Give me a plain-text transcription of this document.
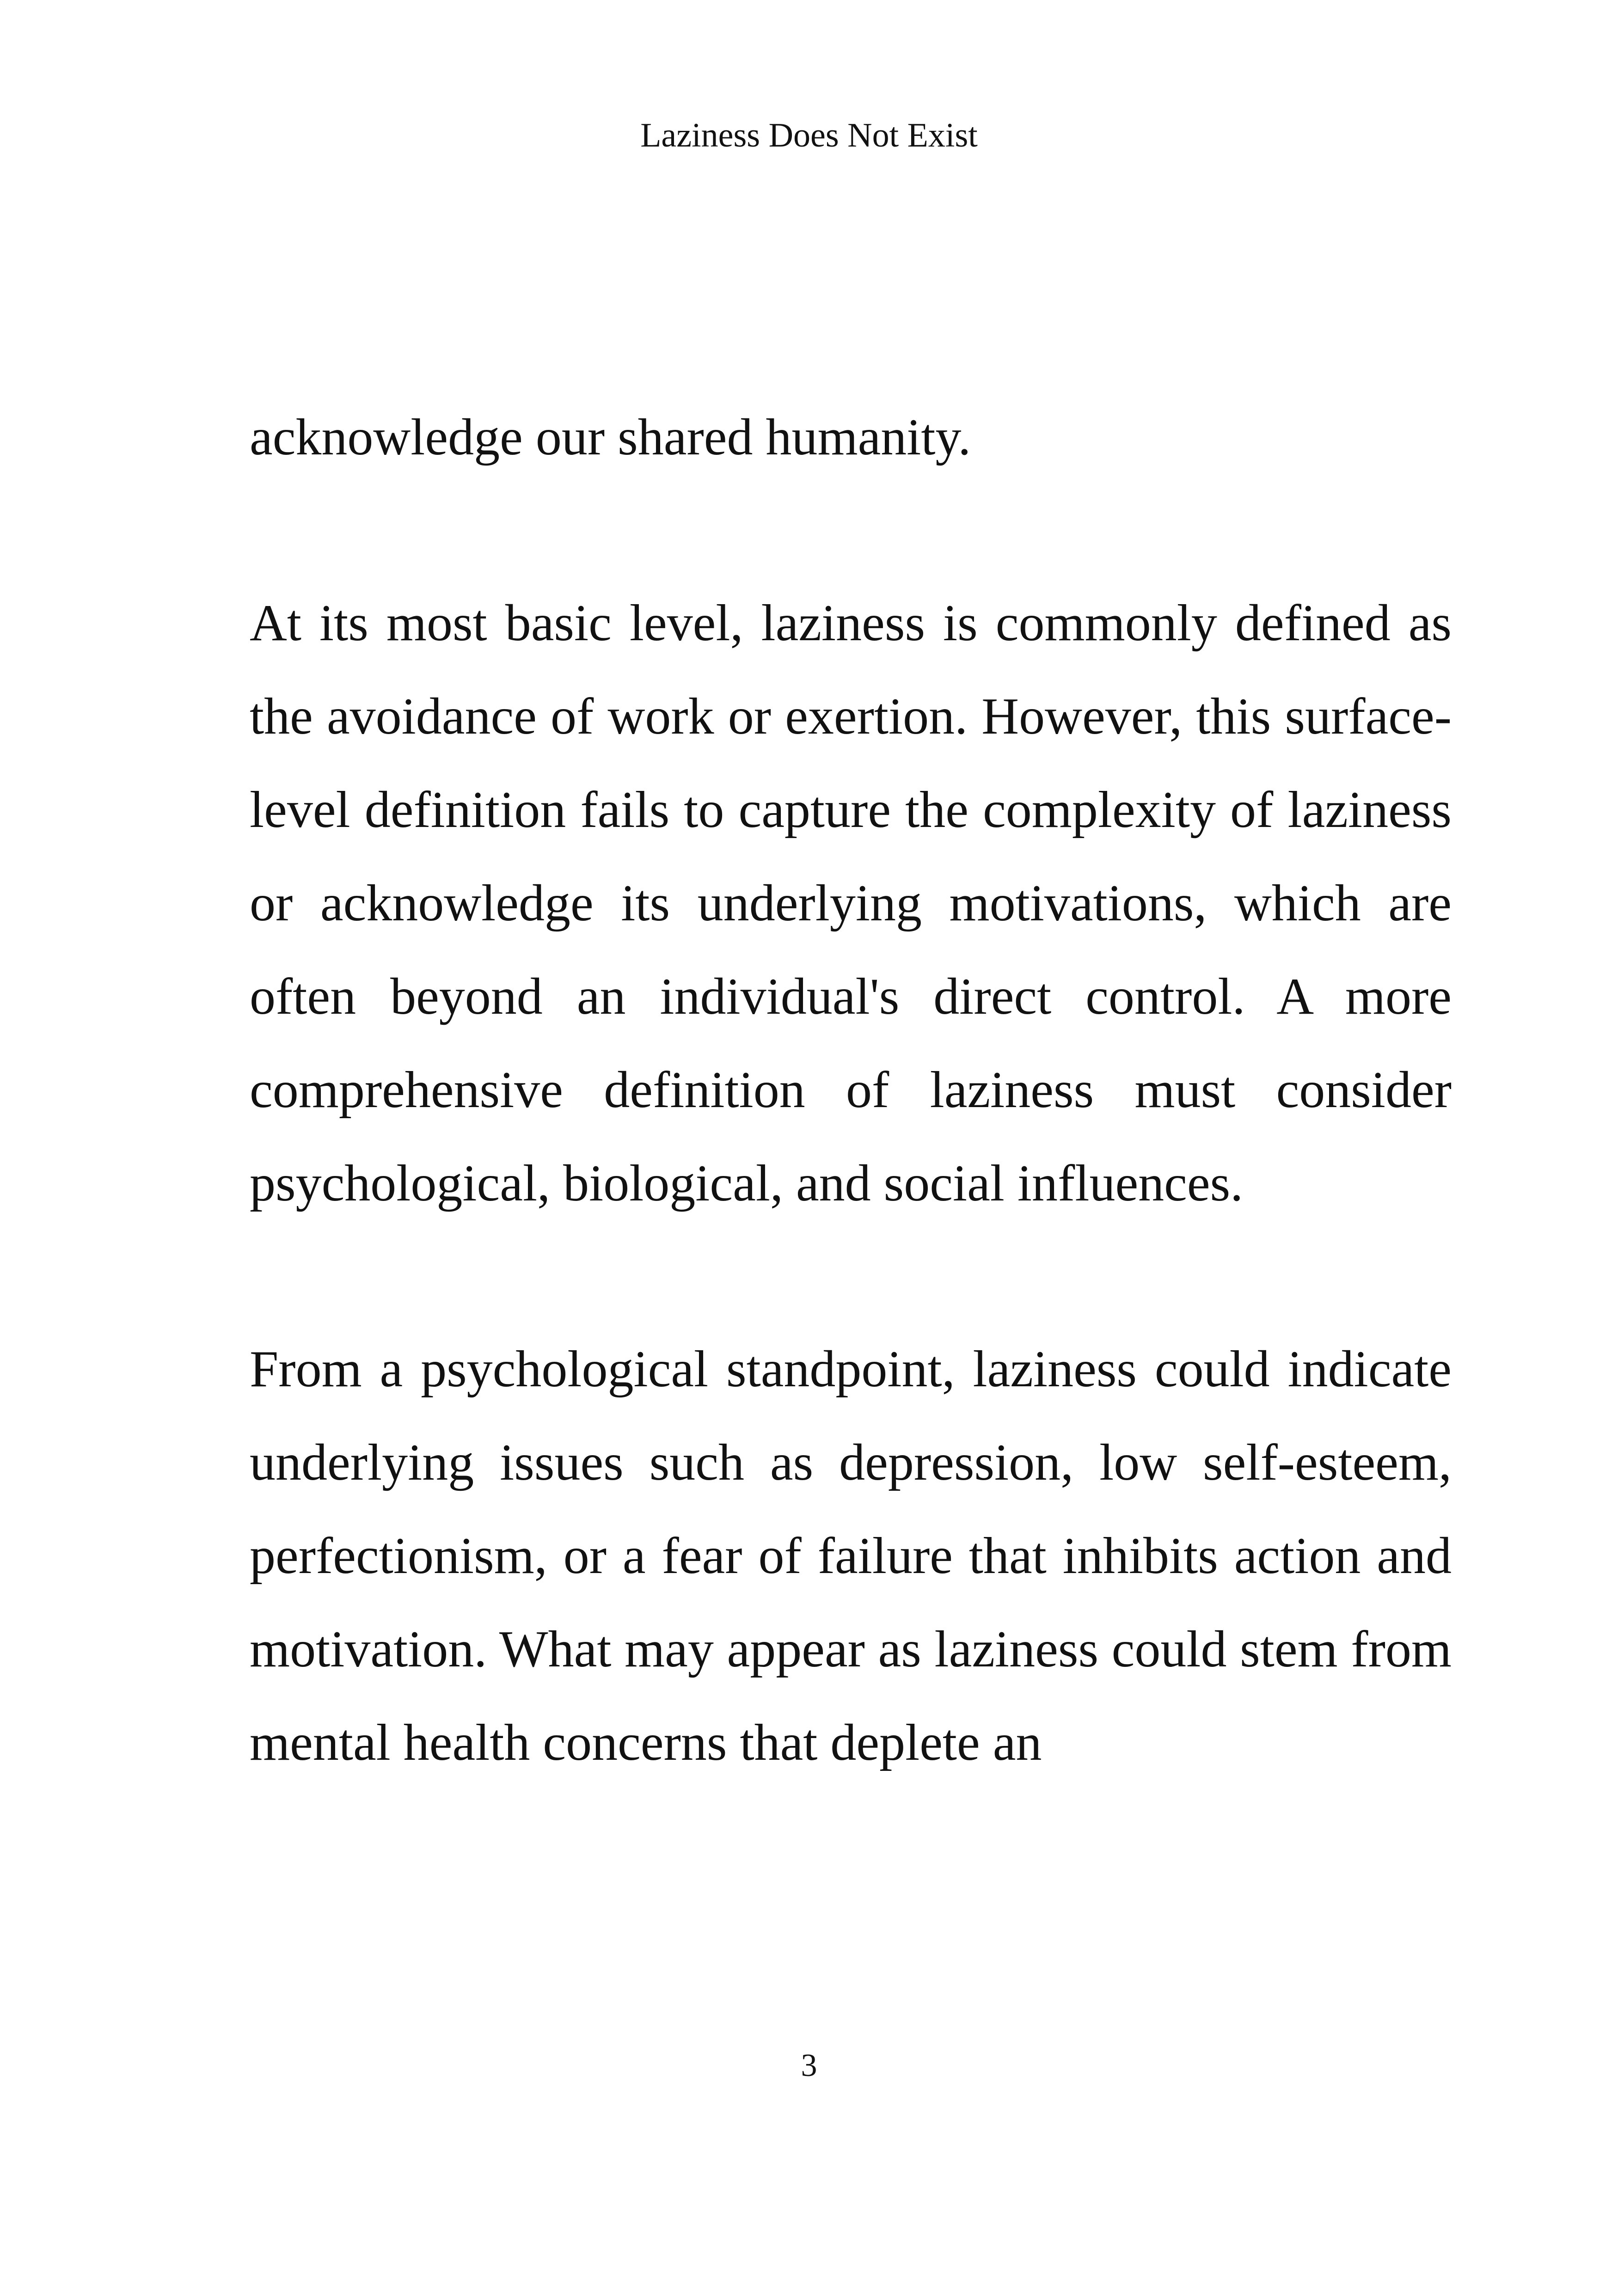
Laziness Does Not Exist

acknowledge our shared humanity.

At its most basic level, laziness is commonly defined as the avoidance of work or exertion. However, this surface-level definition fails to capture the complexity of laziness or acknowledge its underlying motivations, which are often beyond an individual's direct control. A more comprehensive definition of laziness must consider psychological, biological, and social influences.

From a psychological standpoint, laziness could indicate underlying issues such as depression, low self-esteem, perfectionism, or a fear of failure that inhibits action and motivation. What may appear as laziness could stem from mental health concerns that deplete an

3
